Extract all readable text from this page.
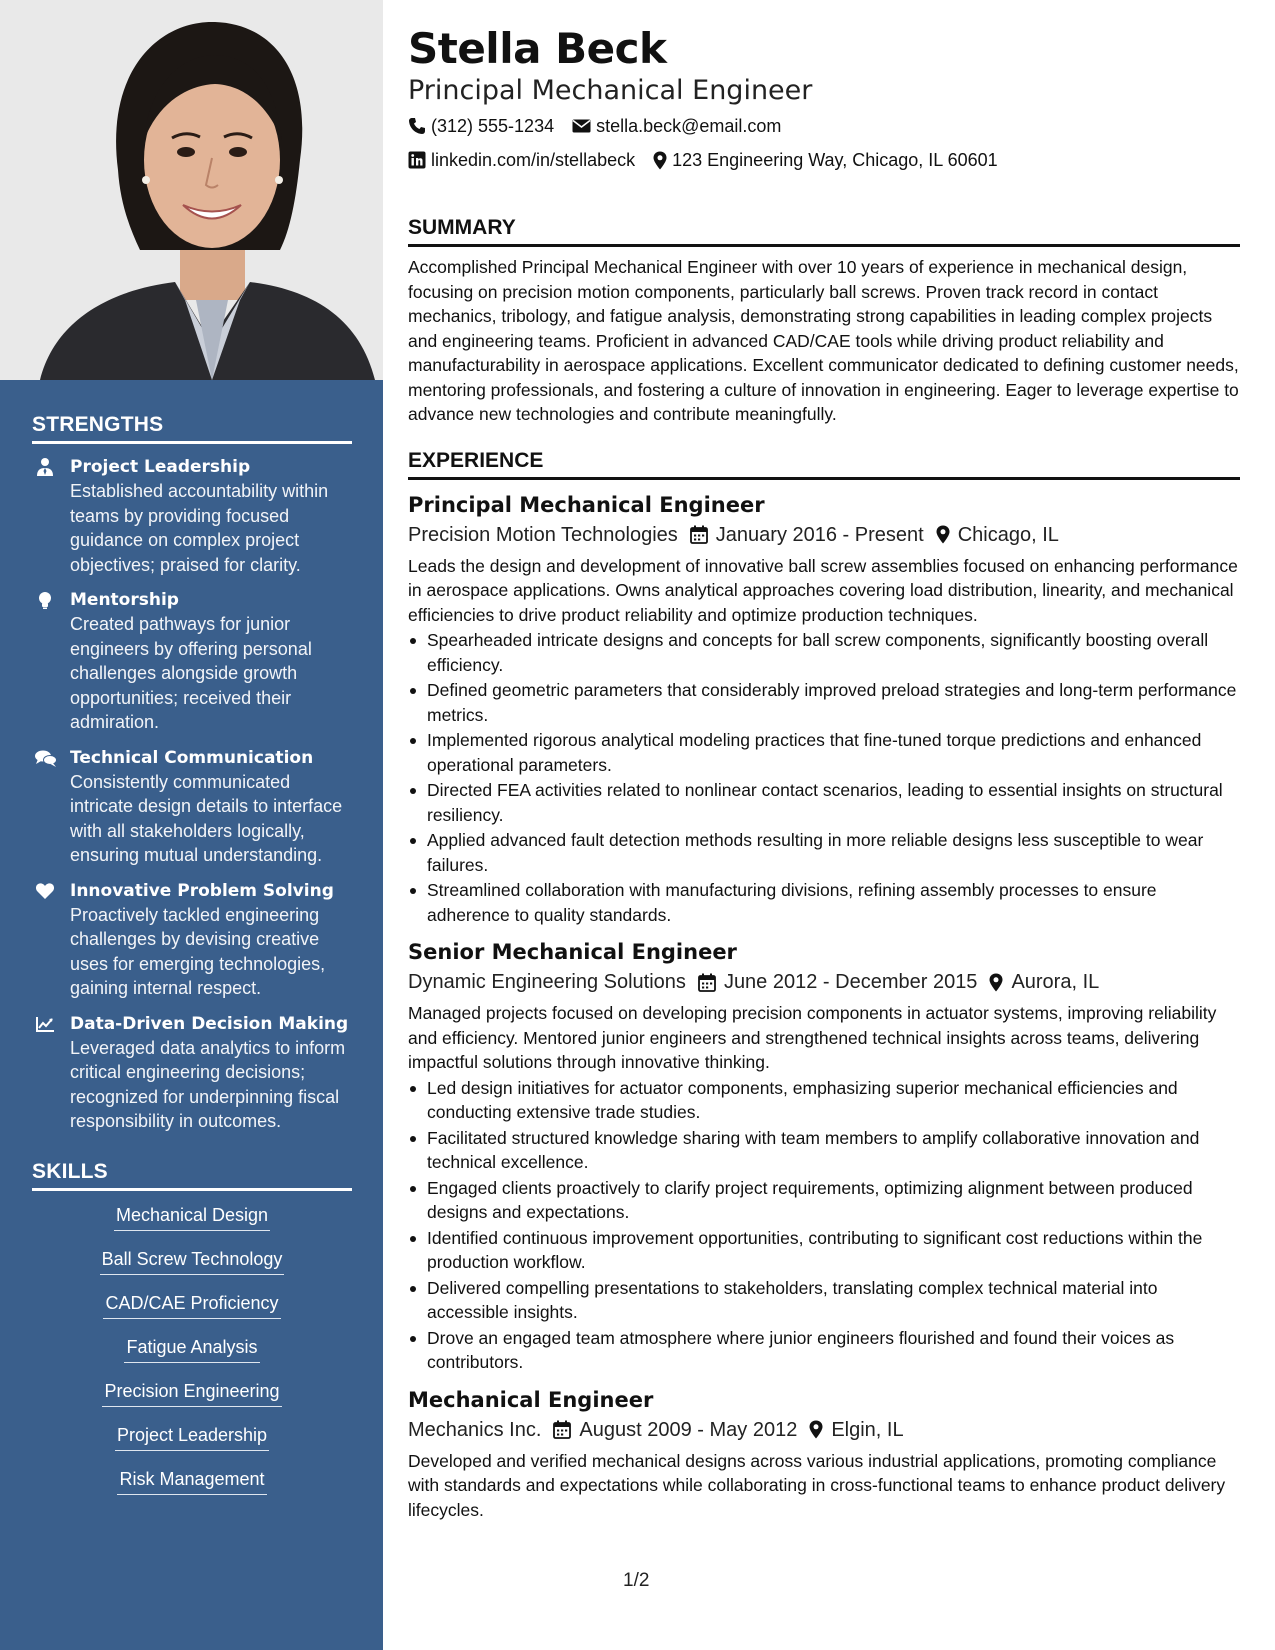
STRENGTHS
Project Leadership
Established accountability within teams by providing focused guidance on complex project objectives; praised for clarity.
Mentorship
Created pathways for junior engineers by offering personal challenges alongside growth opportunities; received their admiration.
Technical Communication
Consistently communicated intricate design details to interface with all stakeholders logically, ensuring mutual understanding.
Innovative Problem Solving
Proactively tackled engineering challenges by devising creative uses for emerging technologies, gaining internal respect.
Data-Driven Decision Making
Leveraged data analytics to inform critical engineering decisions; recognized for underpinning fiscal responsibility in outcomes.
SKILLS
Mechanical Design
Ball Screw Technology
CAD/CAE Proficiency
Fatigue Analysis
Precision Engineering
Project Leadership
Risk Management
Stella Beck
Principal Mechanical Engineer
(312) 555-1234 stella.beck@email.com
linkedin.com/in/stellabeck 123 Engineering Way, Chicago, IL 60601
SUMMARY

Accomplished Principal Mechanical Engineer with over 10 years of experience in mechanical design, focusing on precision motion components, particularly ball screws. Proven track record in contact mechanics, tribology, and fatigue analysis, demonstrating strong capabilities in leading complex projects and engineering teams. Proficient in advanced CAD/CAE tools while driving product reliability and manufacturability in aerospace applications. Excellent communicator dedicated to defining customer needs, mentoring professionals, and fostering a culture of innovation in engineering. Eager to leverage expertise to advance new technologies and contribute meaningfully.

EXPERIENCE
Principal Mechanical Engineer
Precision Motion Technologies January 2016 - Present Chicago, IL

Leads the design and development of innovative ball screw assemblies focused on enhancing performance in aerospace applications. Owns analytical approaches covering load distribution, linearity, and mechanical efficiencies to drive product reliability and optimize production techniques.

Spearheaded intricate designs and concepts for ball screw components, significantly boosting overall efficiency.
Defined geometric parameters that considerably improved preload strategies and long-term performance metrics.
Implemented rigorous analytical modeling practices that fine-tuned torque predictions and enhanced operational parameters.
Directed FEA activities related to nonlinear contact scenarios, leading to essential insights on structural resiliency.
Applied advanced fault detection methods resulting in more reliable designs less susceptible to wear failures.
Streamlined collaboration with manufacturing divisions, refining assembly processes to ensure adherence to quality standards.
Senior Mechanical Engineer
Dynamic Engineering Solutions June 2012 - December 2015 Aurora, IL

Managed projects focused on developing precision components in actuator systems, improving reliability and efficiency. Mentored junior engineers and strengthened technical insights across teams, delivering impactful solutions through innovative thinking.

Led design initiatives for actuator components, emphasizing superior mechanical efficiencies and conducting extensive trade studies.
Facilitated structured knowledge sharing with team members to amplify collaborative innovation and technical excellence.
Engaged clients proactively to clarify project requirements, optimizing alignment between produced designs and expectations.
Identified continuous improvement opportunities, contributing to significant cost reductions within the production workflow.
Delivered compelling presentations to stakeholders, translating complex technical material into accessible insights.
Drove an engaged team atmosphere where junior engineers flourished and found their voices as contributors.
Mechanical Engineer
Mechanics Inc. August 2009 - May 2012 Elgin, IL

Developed and verified mechanical designs across various industrial applications, promoting compliance with standards and expectations while collaborating in cross-functional teams to enhance product delivery lifecycles.

1/2
